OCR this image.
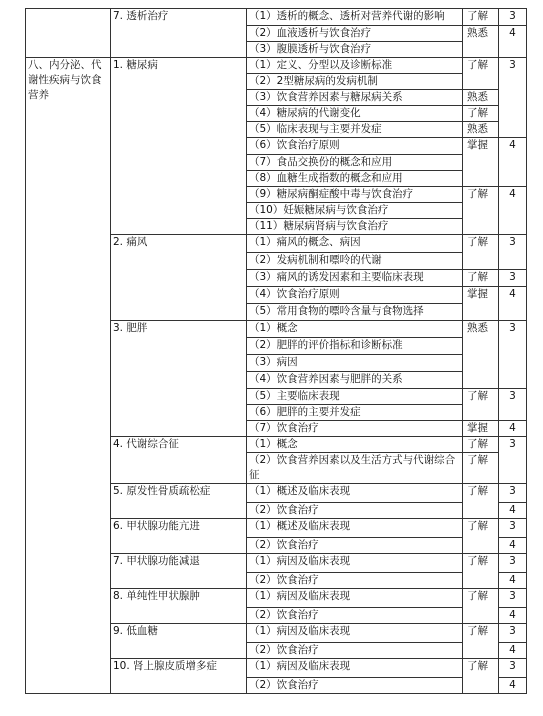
	7. 透析治疗	（1）透析的概念、透析对营养代谢的影响	了解	3
		（2）血液透析与饮食治疗	熟悉	4
		（3）腹膜透析与饮食治疗		
八、内分泌、代谢性疾病与饮食营养	1. 糖尿病	（1）定义、分型以及诊断标准	了解	3
		（2）2型糖尿病的发病机制		
		（3）饮食营养因素与糖尿病关系	熟悉	
		（4）糖尿病的代谢变化	了解	
		（5）临床表现与主要并发症	熟悉	
		（6）饮食治疗原则	掌握	4
		（7）食品交换份的概念和应用		
		（8）血糖生成指数的概念和应用		
		（9）糖尿病酮症酸中毒与饮食治疗	了解	4
		（10）妊娠糖尿病与饮食治疗		
		（11）糖尿病肾病与饮食治疗		
	2. 痛风	（1）痛风的概念、病因	了解	3
		（2）发病机制和嘌呤的代谢		
		（3）痛风的诱发因素和主要临床表现	了解	3
		（4）饮食治疗原则	掌握	4
		（5）常用食物的嘌呤含量与食物选择		
	3. 肥胖	（1）概念	熟悉	3
		（2）肥胖的评价指标和诊断标准		
		（3）病因		
		（4）饮食营养因素与肥胖的关系		
		（5）主要临床表现	了解	3
		（6）肥胖的主要并发症		
		（7）饮食治疗	掌握	4
	4. 代谢综合征	（1）概念	了解	3
		（2）饮食营养因素以及生活方式与代谢综合征	了解	
	5. 原发性骨质疏松症	（1）概述及临床表现	了解	3
		（2）饮食治疗		4
	6. 甲状腺功能亢进	（1）概述及临床表现	了解	3
		（2）饮食治疗		4
	7. 甲状腺功能减退	（1）病因及临床表现	了解	3
		（2）饮食治疗		4
	8. 单纯性甲状腺肿	（1）病因及临床表现	了解	3
		（2）饮食治疗		4
	9. 低血糖	（1）病因及临床表现	了解	3
		（2）饮食治疗		4
	10. 肾上腺皮质增多症	（1）病因及临床表现	了解	3
		（2）饮食治疗		4
